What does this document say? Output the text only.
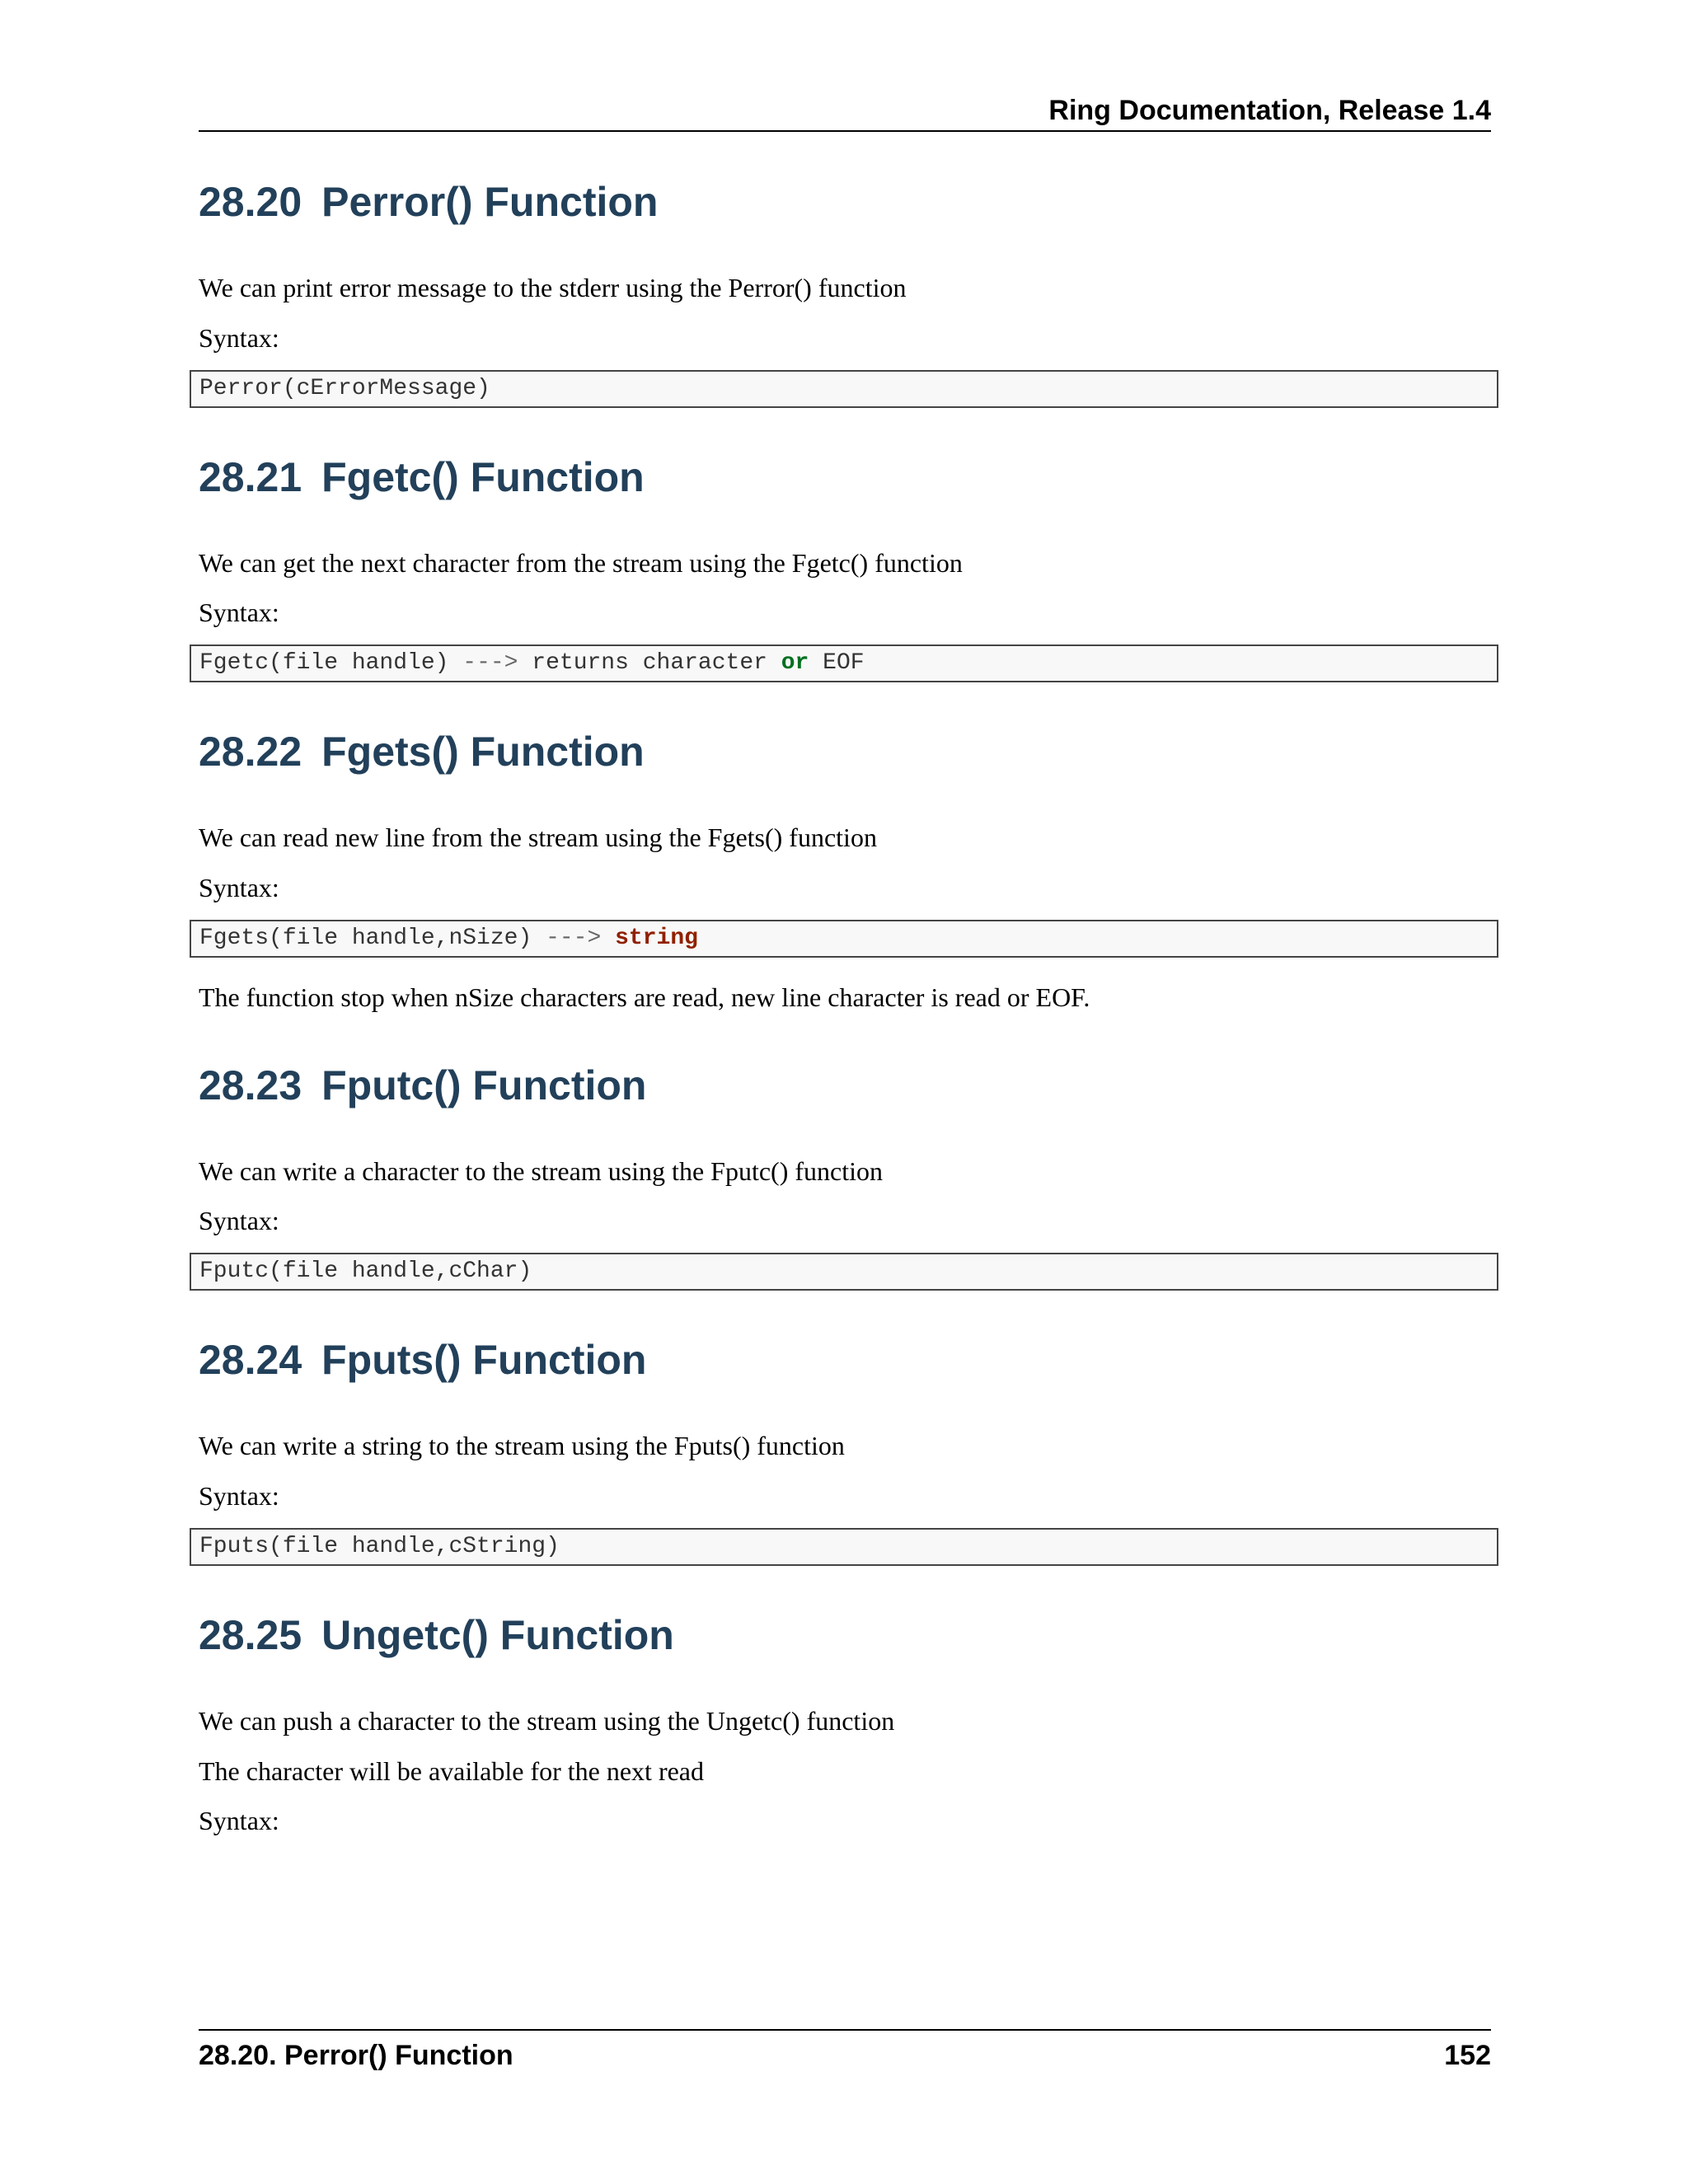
Ring Documentation, Release 1.4
28.20 Perror() Function

We can print error message to the stderr using the Perror() function

Syntax:

Perror(cErrorMessage)
28.21 Fgetc() Function

We can get the next character from the stream using the Fgetc() function

Syntax:

Fgetc(file handle) ---> returns character or EOF
28.22 Fgets() Function

We can read new line from the stream using the Fgets() function

Syntax:

Fgets(file handle,nSize) ---> string

The function stop when nSize characters are read, new line character is read or EOF.

28.23 Fputc() Function

We can write a character to the stream using the Fputc() function

Syntax:

Fputc(file handle,cChar)
28.24 Fputs() Function

We can write a string to the stream using the Fputs() function

Syntax:

Fputs(file handle,cString)
28.25 Ungetc() Function

We can push a character to the stream using the Ungetc() function

The character will be available for the next read

Syntax:

28.20. Perror() Function	152
